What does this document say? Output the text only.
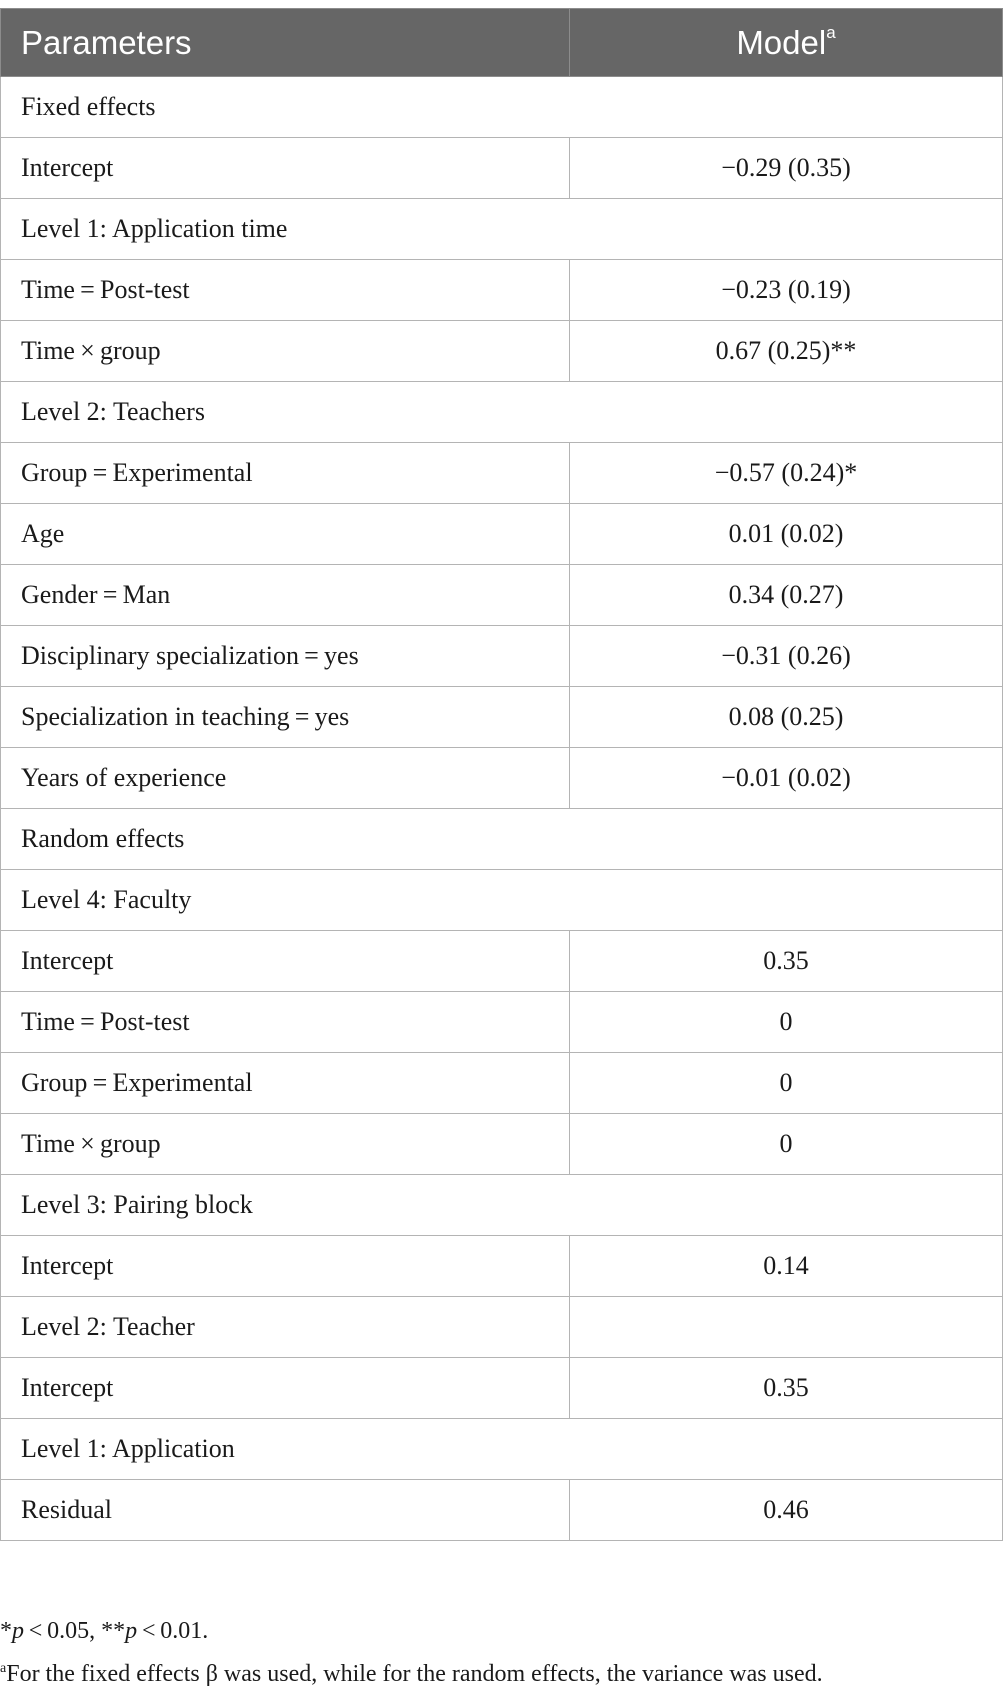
Parameters	Model$^a$
Fixed effects	
Intercept	−0.29 (0.35)
Level 1: Application time	
Time = Post-test	−0.23 (0.19)
Time × group	0.67 (0.25)**
Level 2: Teachers	
Group = Experimental	−0.57 (0.24)*
Age	0.01 (0.02)
Gender = Man	0.34 (0.27)
Disciplinary specialization = yes	−0.31 (0.26)
Specialization in teaching = yes	0.08 (0.25)
Years of experience	−0.01 (0.02)
Random effects	
Level 4: Faculty	
Intercept	0.35
Time = Post-test	0
Group = Experimental	0
Time × group	0
Level 3: Pairing block	
Intercept	0.14
Level 2: Teacher	
Intercept	0.35
Level 1: Application	
Residual	0.46

*p < 0.05, **p < 0.01.

$^a$For the fixed effects β was used, while for the random effects, the variance was used.
